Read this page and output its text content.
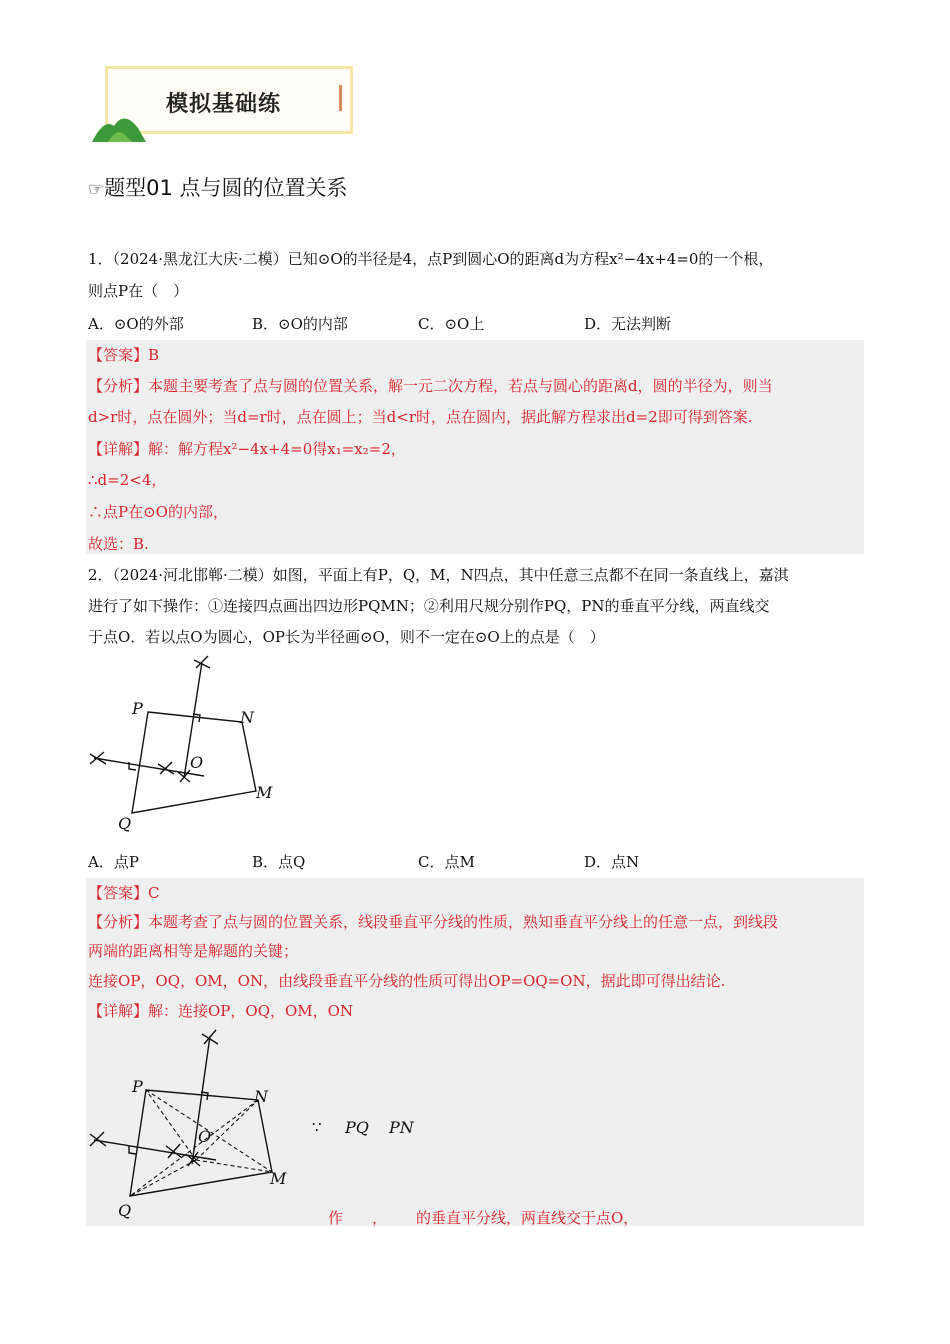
模拟基础练
☞题型01 点与圆的位置关系
1．（2024·黑龙江大庆·二模）已知⊙O的半径是4，点P到圆心O的距离d为方程x²−4x+4=0的一个根，
则点P在（　）
A．⊙O的外部	B．⊙O的内部	C．⊙O上	D．无法判断
【答案】B
【分析】本题主要考查了点与圆的位置关系，解一元二次方程，若点与圆心的距离d，圆的半径为，则当
d>r时，点在圆外；当d=r时，点在圆上；当d<r时，点在圆内，据此解方程求出d=2即可得到答案.
【详解】解：解方程x²−4x+4=0得x₁=x₂=2，
∴d=2<4，
∴点P在⊙O的内部，
故选：B.
2．（2024·河北邯郸·二模）如图，平面上有P，Q，M，N四点，其中任意三点都不在同一条直线上，嘉淇
进行了如下操作：①连接四点画出四边形PQMN；②利用尺规分别作PQ，PN的垂直平分线，两直线交
于点O．若以点O为圆心，OP长为半径画⊙O，则不一定在⊙O上的点是（　）
P	N
O
M
Q
A．点P	B．点Q	C．点M	D．点N
【答案】C
【分析】本题考查了点与圆的位置关系，线段垂直平分线的性质，熟知垂直平分线上的任意一点，到线段
两端的距离相等是解题的关键；
连接OP，OQ，OM，ON，由线段垂直平分线的性质可得出OP=OQ=ON，据此即可得出结论.
【详解】解：连接OP，OQ，OM，ON
P
N
O
M
Q
∵ PQ PN
作 ， 的垂直平分线，两直线交于点O，
